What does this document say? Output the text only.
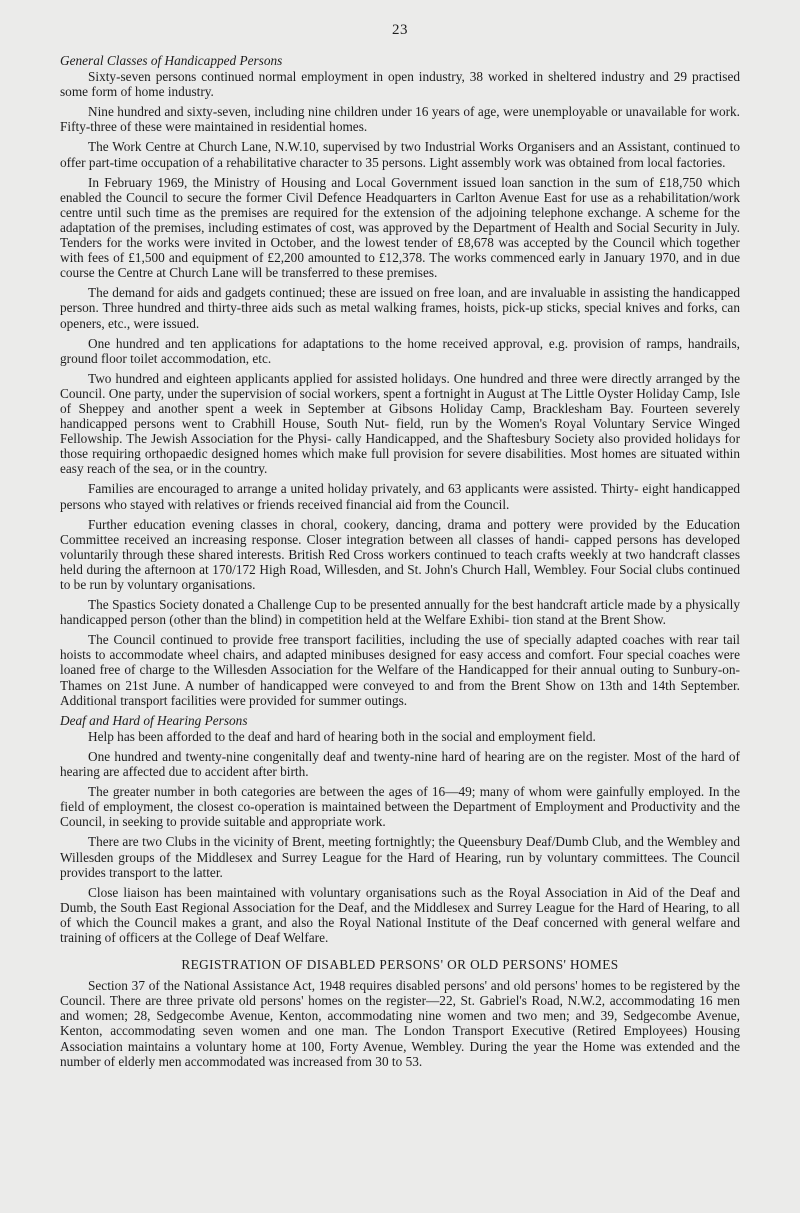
23
General Classes of Handicapped Persons

Sixty-seven persons continued normal employment in open industry, 38 worked in sheltered industry and 29 practised some form of home industry.

Nine hundred and sixty-seven, including nine children under 16 years of age, were unemployable or unavailable for work. Fifty-three of these were maintained in residential homes.

The Work Centre at Church Lane, N.W.10, supervised by two Industrial Works Organisers and an Assistant, continued to offer part-time occupation of a rehabilitative character to 35 persons. Light assembly work was obtained from local factories.

In February 1969, the Ministry of Housing and Local Government issued loan sanction in the sum of £18,750 which enabled the Council to secure the former Civil Defence Headquarters in Carlton Avenue East for use as a rehabilitation/work centre until such time as the premises are required for the extension of the adjoining telephone exchange. A scheme for the adaptation of the premises, including estimates of cost, was approved by the Department of Health and Social Security in July. Tenders for the works were invited in October, and the lowest tender of £8,678 was accepted by the Council which together with fees of £1,500 and equipment of £2,200 amounted to £12,378. The works commenced early in January 1970, and in due course the Centre at Church Lane will be transferred to these premises.

The demand for aids and gadgets continued; these are issued on free loan, and are invaluable in assisting the handicapped person. Three hundred and thirty-three aids such as metal walking frames, hoists, pick-up sticks, special knives and forks, can openers, etc., were issued.

One hundred and ten applications for adaptations to the home received approval, e.g. provision of ramps, handrails, ground floor toilet accommodation, etc.

Two hundred and eighteen applicants applied for assisted holidays. One hundred and three were directly arranged by the Council. One party, under the supervision of social workers, spent a fortnight in August at The Little Oyster Holiday Camp, Isle of Sheppey and another spent a week in September at Gibsons Holiday Camp, Bracklesham Bay. Fourteen severely handicapped persons went to Crabhill House, South Nut- field, run by the Women's Royal Voluntary Service Winged Fellowship. The Jewish Association for the Physi- cally Handicapped, and the Shaftesbury Society also provided holidays for those requiring orthopaedic designed homes which make full provision for severe disabilities. Most homes are situated within easy reach of the sea, or in the country.

Families are encouraged to arrange a united holiday privately, and 63 applicants were assisted. Thirty- eight handicapped persons who stayed with relatives or friends received financial aid from the Council.

Further education evening classes in choral, cookery, dancing, drama and pottery were provided by the Education Committee received an increasing response. Closer integration between all classes of handi- capped persons has developed voluntarily through these shared interests. British Red Cross workers continued to teach crafts weekly at two handcraft classes held during the afternoon at 170/172 High Road, Willesden, and St. John's Church Hall, Wembley. Four Social clubs continued to be run by voluntary organisations.

The Spastics Society donated a Challenge Cup to be presented annually for the best handcraft article made by a physically handicapped person (other than the blind) in competition held at the Welfare Exhibi- tion stand at the Brent Show.

The Council continued to provide free transport facilities, including the use of specially adapted coaches with rear tail hoists to accommodate wheel chairs, and adapted minibuses designed for easy access and comfort. Four special coaches were loaned free of charge to the Willesden Association for the Welfare of the Handicapped for their annual outing to Sunbury-on-Thames on 21st June. A number of handicapped were conveyed to and from the Brent Show on 13th and 14th September. Additional transport facilities were provided for summer outings.

Deaf and Hard of Hearing Persons

Help has been afforded to the deaf and hard of hearing both in the social and employment field.

One hundred and twenty-nine congenitally deaf and twenty-nine hard of hearing are on the register. Most of the hard of hearing are affected due to accident after birth.

The greater number in both categories are between the ages of 16—49; many of whom were gainfully employed. In the field of employment, the closest co-operation is maintained between the Department of Employment and Productivity and the Council, in seeking to provide suitable and appropriate work.

There are two Clubs in the vicinity of Brent, meeting fortnightly; the Queensbury Deaf/Dumb Club, and the Wembley and Willesden groups of the Middlesex and Surrey League for the Hard of Hearing, run by voluntary committees. The Council provides transport to the latter.

Close liaison has been maintained with voluntary organisations such as the Royal Association in Aid of the Deaf and Dumb, the South East Regional Association for the Deaf, and the Middlesex and Surrey League for the Hard of Hearing, to all of which the Council makes a grant, and also the Royal National Institute of the Deaf concerned with general welfare and training of officers at the College of Deaf Welfare.

REGISTRATION OF DISABLED PERSONS' OR OLD PERSONS' HOMES

Section 37 of the National Assistance Act, 1948 requires disabled persons' and old persons' homes to be registered by the Council. There are three private old persons' homes on the register—22, St. Gabriel's Road, N.W.2, accommodating 16 men and women; 28, Sedgecombe Avenue, Kenton, accommodating nine women and two men; and 39, Sedgecombe Avenue, Kenton, accommodating seven women and one man. The London Transport Executive (Retired Employees) Housing Association maintains a voluntary home at 100, Forty Avenue, Wembley. During the year the Home was extended and the number of elderly men accommodated was increased from 30 to 53.
